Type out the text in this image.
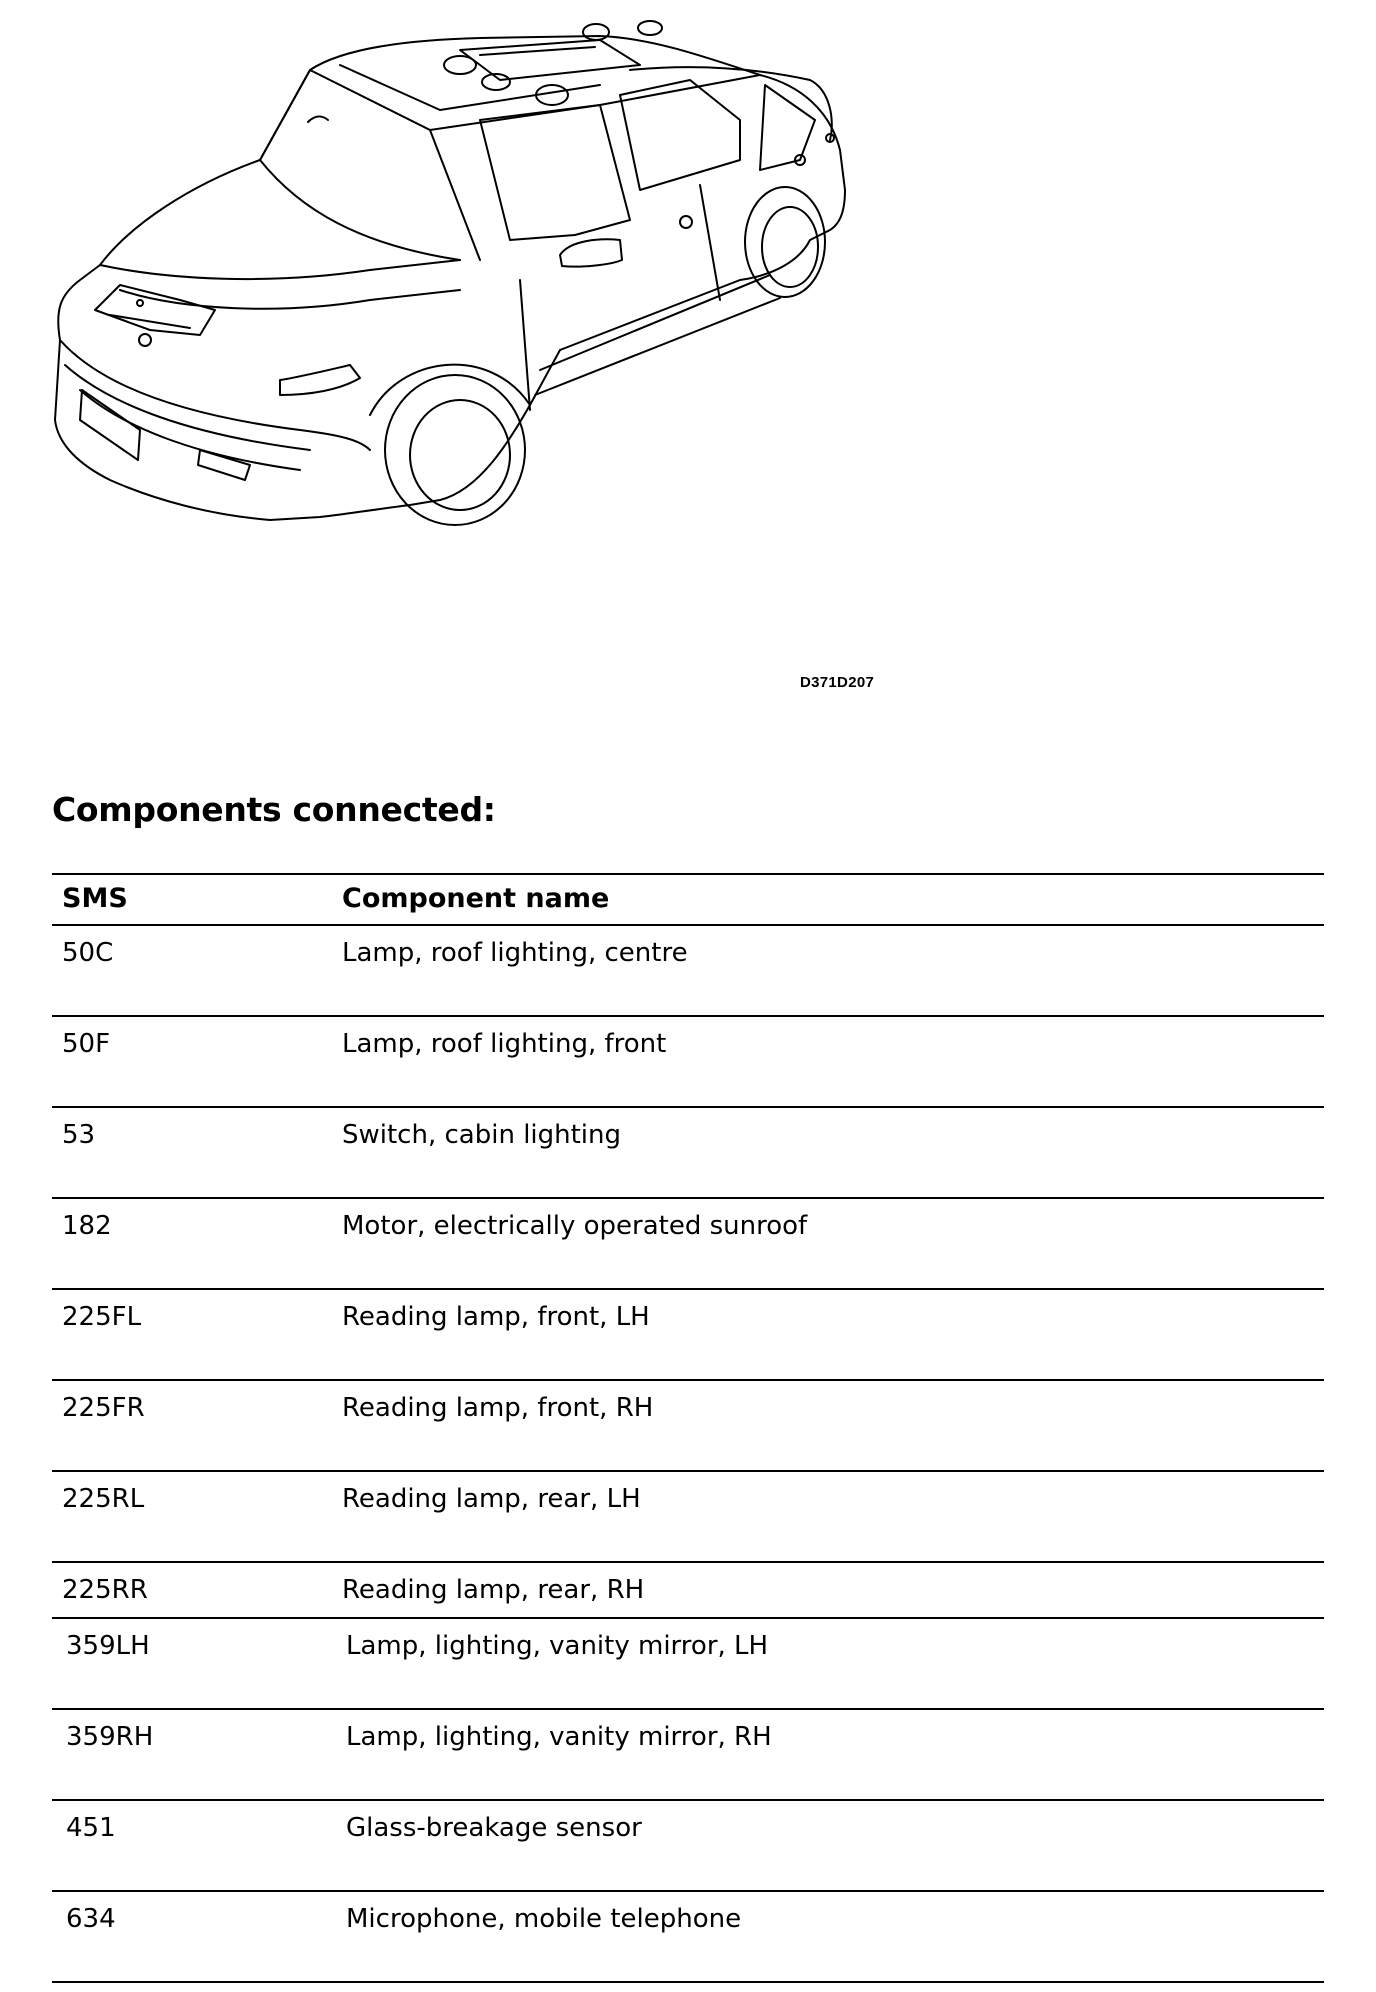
D371D207
Components connected:
SMS	Component name
50C	Lamp, roof lighting, centre
50F	Lamp, roof lighting, front
53	Switch, cabin lighting
182	Motor, electrically operated sunroof
225FL	Reading lamp, front, LH
225FR	Reading lamp, front, RH
225RL	Reading lamp, rear, LH
225RR	Reading lamp, rear, RH
359LH	Lamp, lighting, vanity mirror, LH
359RH	Lamp, lighting, vanity mirror, RH
451	Glass-breakage sensor
634	Microphone, mobile telephone
